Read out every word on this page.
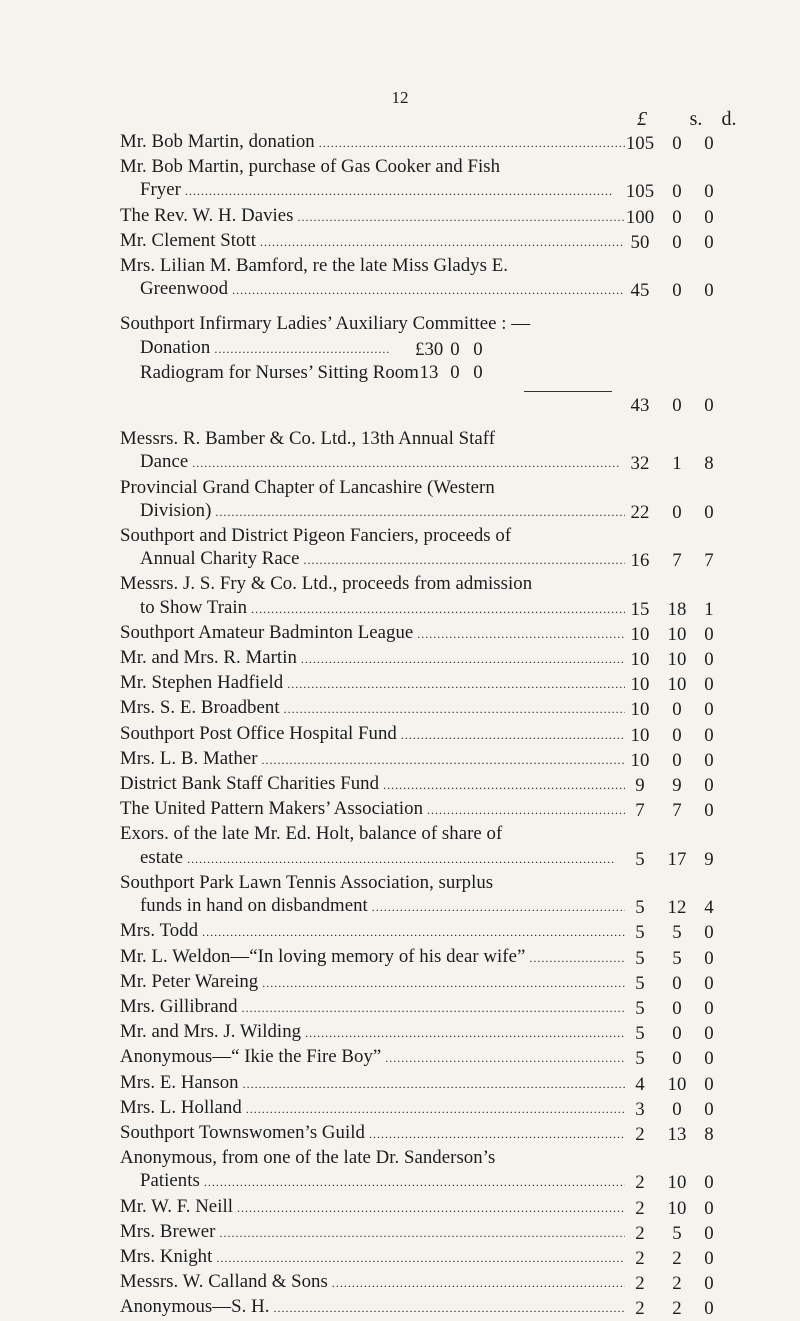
12
£	s. d.
Mr. Bob Martin, donation . . .	105 0	0
Mr. Bob Martin, purchase of Gas Cooker and Fish
Fryer . . .	105 0	0
The Rev. W. H. Davies . . .	100 0	0
Mr. Clement Stott . . .	50	0	0
Mrs. Lilian M. Bamford, re the late Miss Gladys E.
Greenwood . . .	45	0	0
Southport Infirmary Ladies’ Auxiliary Committee : —
Donation . . .	£30 0 0
Radiogram for Nurses’ Sitting Room 13 0 0

43	0	0
Messrs. R. Bamber & Co. Ltd., 13th Annual Staff
Dance . . .	32	1	8
Provincial Grand Chapter of Lancashire (Western
Division) . . .	22	0	0
Southport and District Pigeon Fanciers, proceeds of
Annual Charity Race . . .	16	7	7
Messrs. J. S. Fry & Co. Ltd., proceeds from admission
to Show Train . . .	15 18 1
Southport Amateur Badminton League . . .	10 10 0
Mr. and Mrs. R. Martin . . .	10 10 0
Mr. Stephen Hadfield . . .	10 10 0
Mrs. S. E. Broadbent . . .	10	0	0
Southport Post Office Hospital Fund . . .	10	0	0
Mrs. L. B. Mather . . .	10	0	0
District Bank Staff Charities Fund . . .	9	9	0
The United Pattern Makers’ Association . . .	7	7	0
Exors. of the late Mr. Ed. Holt, balance of share of
estate . . .	5	17 9
Southport Park Lawn Tennis Association, surplus
funds in hand on disbandment . . .	5	12 4
Mrs. Todd . . .	5	5	0
Mr. L. Weldon—“In loving memory of his dear wife” . . .	5	5	0
Mr. Peter Wareing . . .	5	0	0
Mrs. Gillibrand . . .	5	0	0
Mr. and Mrs. J. Wilding . . .	5	0	0
Anonymous—“ Ikie the Fire Boy” . . .	5	0	0
Mrs. E. Hanson . . .	4	10 0
Mrs. L. Holland . . .	3	0	0
Southport Townswomen’s Guild . . .	2	13 8
Anonymous, from one of the late Dr. Sanderson’s
Patients . . .	2	10 0
Mr. W. F. Neill . . .	2	10 0
Mrs. Brewer . . .	2	5	0
Mrs. Knight . . .	2	2	0
Messrs. W. Calland & Sons . . .	2	2	0
Anonymous—S. H. . . .	2	2	0
